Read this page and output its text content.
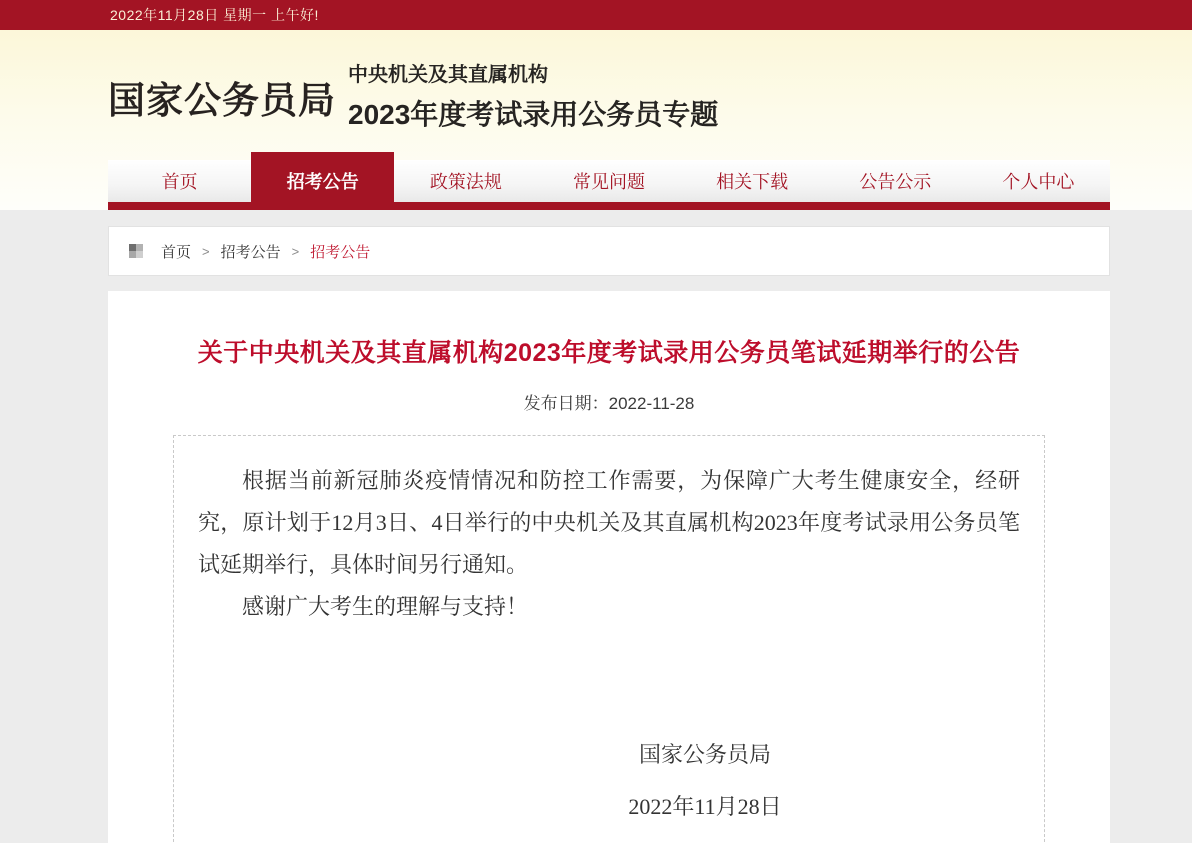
2022年11月28日 星期一 上午好!
国家公务员局
中央机关及其直属机构
2023年度考试录用公务员专题
首页	招考公告	政策法规	常见问题	相关下载	公告公示	个人中心
首页 > 招考公告 > 招考公告
关于中央机关及其直属机构2023年度考试录用公务员笔试延期举行的公告
发布日期：2022-11-28

根据当前新冠肺炎疫情情况和防控工作需要，为保障广大考生健康安全，经研究，原计划于12月3日、4日举行的中央机关及其直属机构2023年度考试录用公务员笔试延期举行，具体时间另行通知。

感谢广大考生的理解与支持！

国家公务员局
2022年11月28日
